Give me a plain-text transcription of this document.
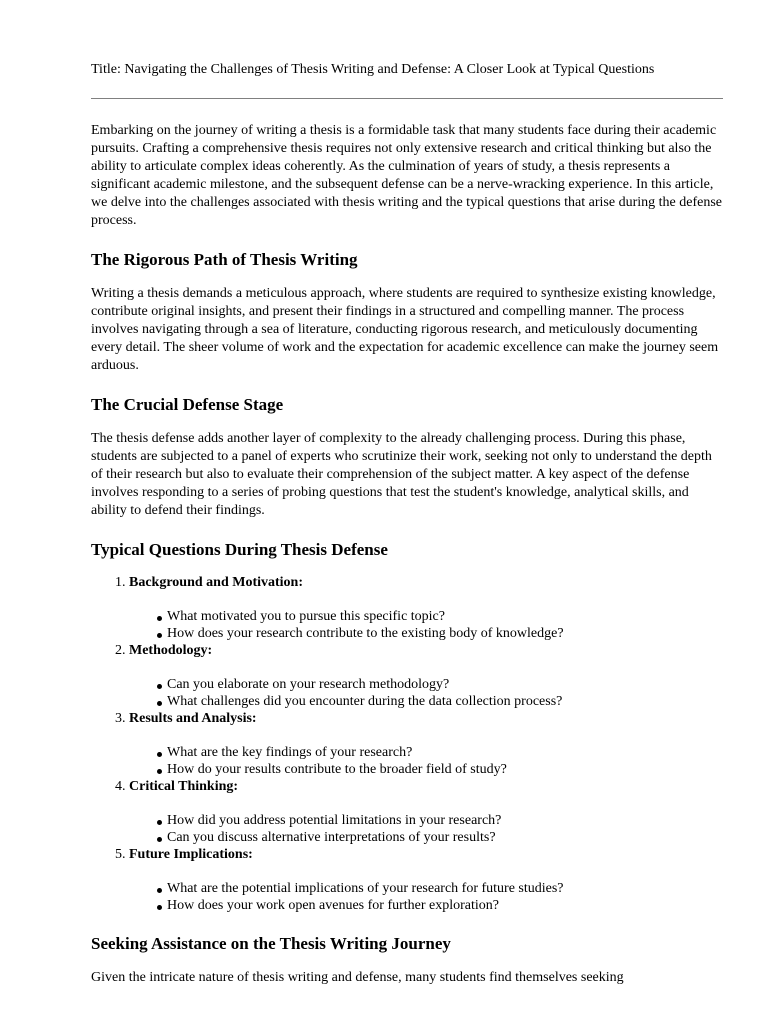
Title: Navigating the Challenges of Thesis Writing and Defense: A Closer Look at Typical Questions

Embarking on the journey of writing a thesis is a formidable task that many students face during their academic pursuits. Crafting a comprehensive thesis requires not only extensive research and critical thinking but also the ability to articulate complex ideas coherently. As the culmination of years of study, a thesis represents a significant academic milestone, and the subsequent defense can be a nerve-wracking experience. In this article, we delve into the challenges associated with thesis writing and the typical questions that arise during the defense process.

The Rigorous Path of Thesis Writing

Writing a thesis demands a meticulous approach, where students are required to synthesize existing knowledge, contribute original insights, and present their findings in a structured and compelling manner. The process involves navigating through a sea of literature, conducting rigorous research, and meticulously documenting every detail. The sheer volume of work and the expectation for academic excellence can make the journey seem arduous.

The Crucial Defense Stage

The thesis defense adds another layer of complexity to the already challenging process. During this phase, students are subjected to a panel of experts who scrutinize their work, seeking not only to understand the depth of their research but also to evaluate their comprehension of the subject matter. A key aspect of the defense involves responding to a series of probing questions that test the student's knowledge, analytical skills, and ability to defend their findings.

Typical Questions During Thesis Defense
1. Background and Motivation:
What motivated you to pursue this specific topic?
How does your research contribute to the existing body of knowledge?
2. Methodology:
Can you elaborate on your research methodology?
What challenges did you encounter during the data collection process?
3. Results and Analysis:
What are the key findings of your research?
How do your results contribute to the broader field of study?
4. Critical Thinking:
How did you address potential limitations in your research?
Can you discuss alternative interpretations of your results?
5. Future Implications:
What are the potential implications of your research for future studies?
How does your work open avenues for further exploration?
Seeking Assistance on the Thesis Writing Journey

Given the intricate nature of thesis writing and defense, many students find themselves seeking
